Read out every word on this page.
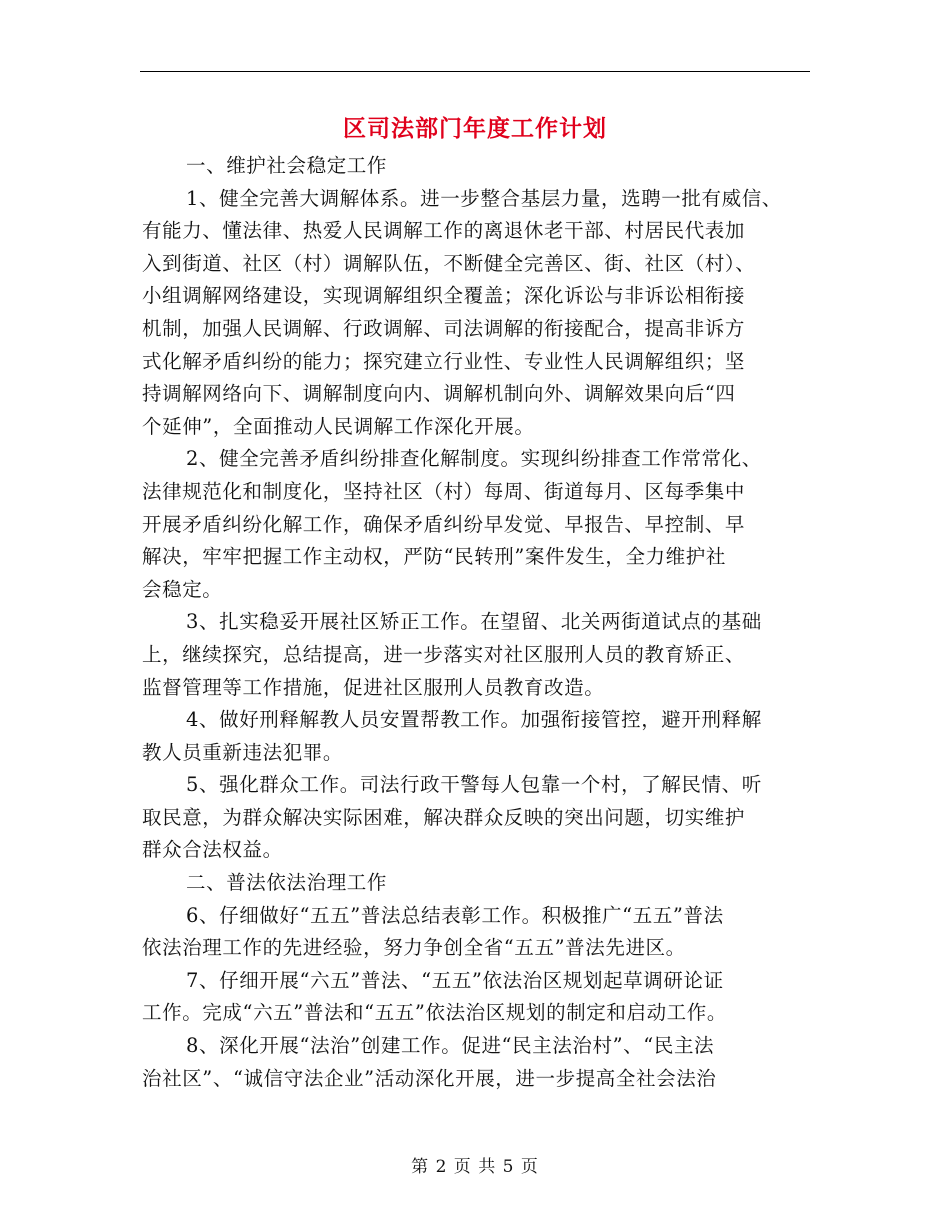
区司法部门年度工作计划
一、维护社会稳定工作
1、健全完善大调解体系。进一步整合基层力量，选聘一批有威信、
有能力、懂法律、热爱人民调解工作的离退休老干部、村居民代表加
入到街道、社区（村）调解队伍，不断健全完善区、街、社区（村）、
小组调解网络建设，实现调解组织全覆盖；深化诉讼与非诉讼相衔接
机制，加强人民调解、行政调解、司法调解的衔接配合，提高非诉方
式化解矛盾纠纷的能力；探究建立行业性、专业性人民调解组织；坚
持调解网络向下、调解制度向内、调解机制向外、调解效果向后“四
个延伸”，全面推动人民调解工作深化开展。
2、健全完善矛盾纠纷排查化解制度。实现纠纷排查工作常常化、
法律规范化和制度化，坚持社区（村）每周、街道每月、区每季集中
开展矛盾纠纷化解工作，确保矛盾纠纷早发觉、早报告、早控制、早
解决，牢牢把握工作主动权，严防“民转刑”案件发生，全力维护社
会稳定。
3、扎实稳妥开展社区矫正工作。在望留、北关两街道试点的基础
上，继续探究，总结提高，进一步落实对社区服刑人员的教育矫正、
监督管理等工作措施，促进社区服刑人员教育改造。
4、做好刑释解教人员安置帮教工作。加强衔接管控，避开刑释解
教人员重新违法犯罪。
5、强化群众工作。司法行政干警每人包靠一个村，了解民情、听
取民意，为群众解决实际困难，解决群众反映的突出问题，切实维护
群众合法权益。
二、普法依法治理工作
6、仔细做好“五五”普法总结表彰工作。积极推广“五五”普法
依法治理工作的先进经验，努力争创全省“五五”普法先进区。
7、仔细开展“六五”普法、“五五”依法治区规划起草调研论证
工作。完成“六五”普法和“五五”依法治区规划的制定和启动工作。
8、深化开展“法治”创建工作。促进“民主法治村”、“民主法
治社区”、“诚信守法企业”活动深化开展，进一步提高全社会法治
第 2 页 共 5 页
